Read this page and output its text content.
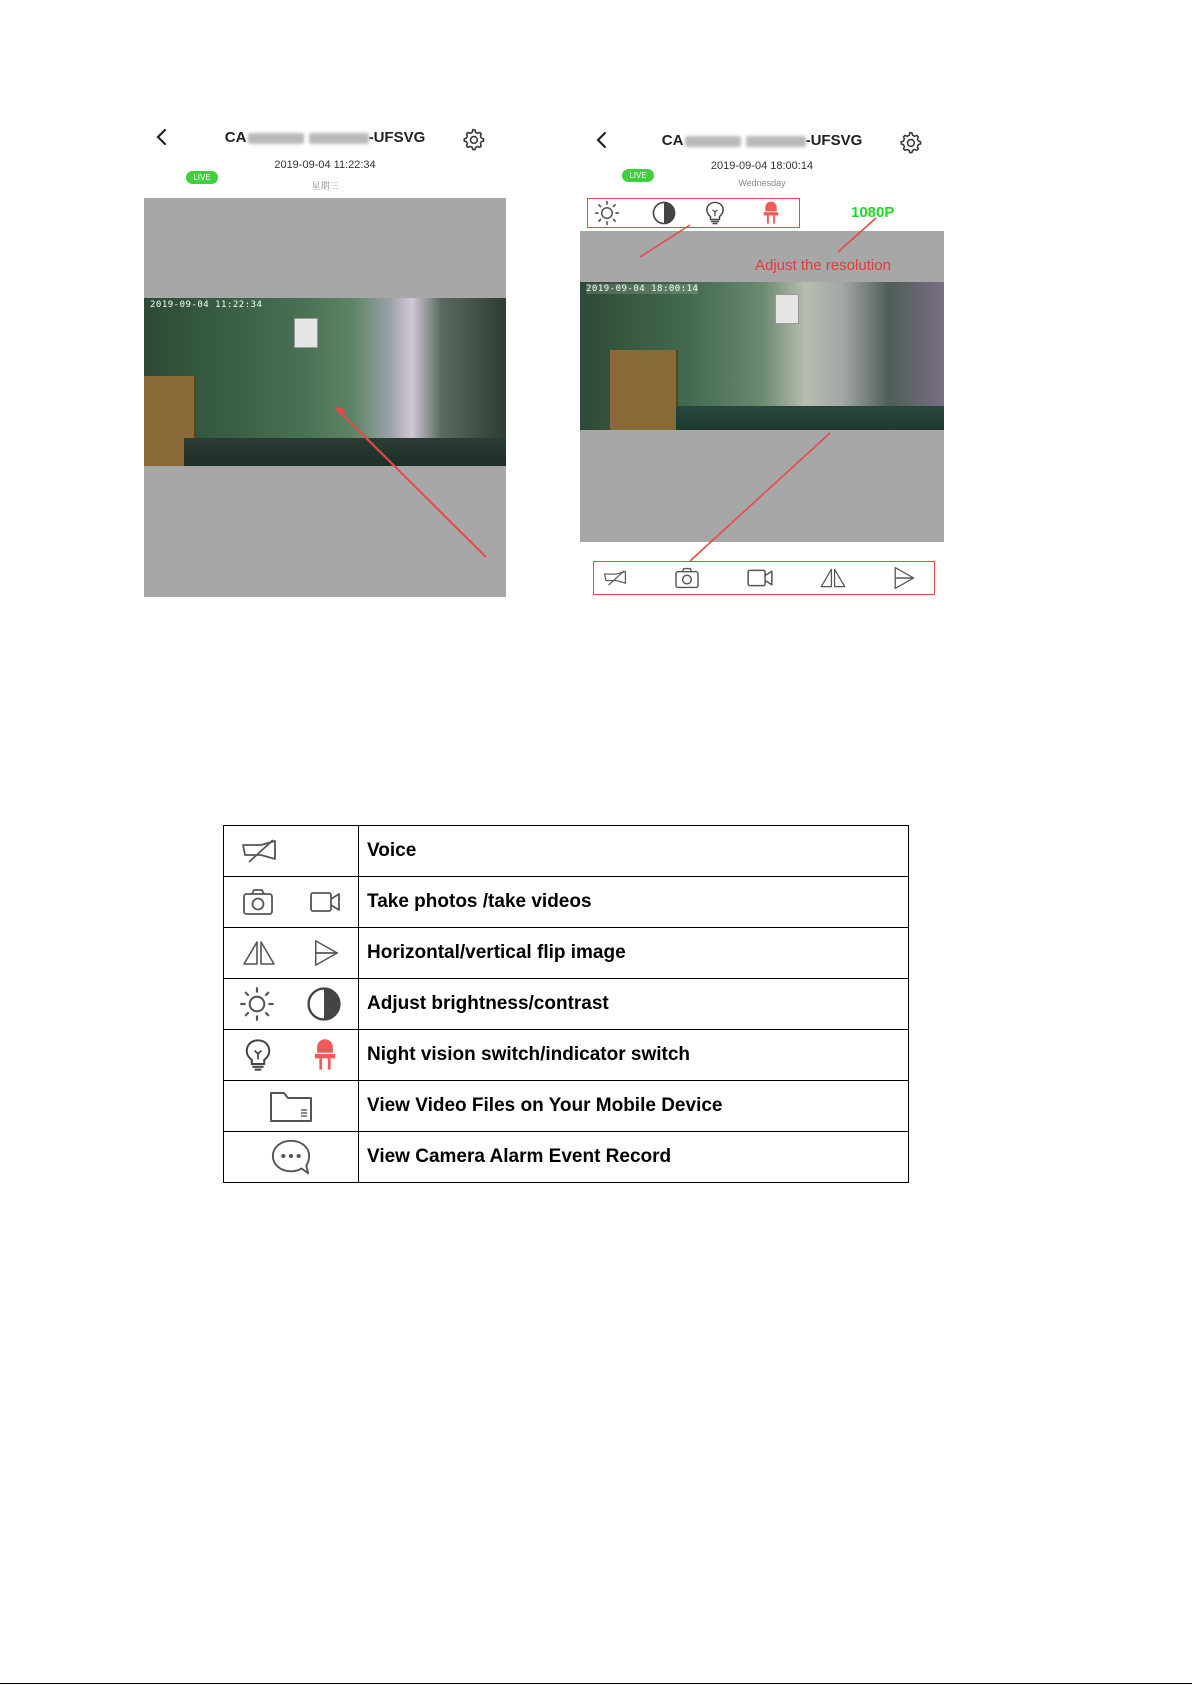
CA	-UFSVG
2019-09-04 11:22:34
LIVE
星期三
2019-09-04 11:22:34
CA	-UFSVG
2019-09-04 18:00:14
LIVE
Wednesday
1080P
Adjust the resolution
2019-09-04 18:00:14
	Voice

	Take photos /take videos

	Horizontal/vertical flip image

	Adjust brightness/contrast

	Night vision switch/indicator switch

	View Video Files on Your Mobile Device

	View Camera Alarm Event Record
